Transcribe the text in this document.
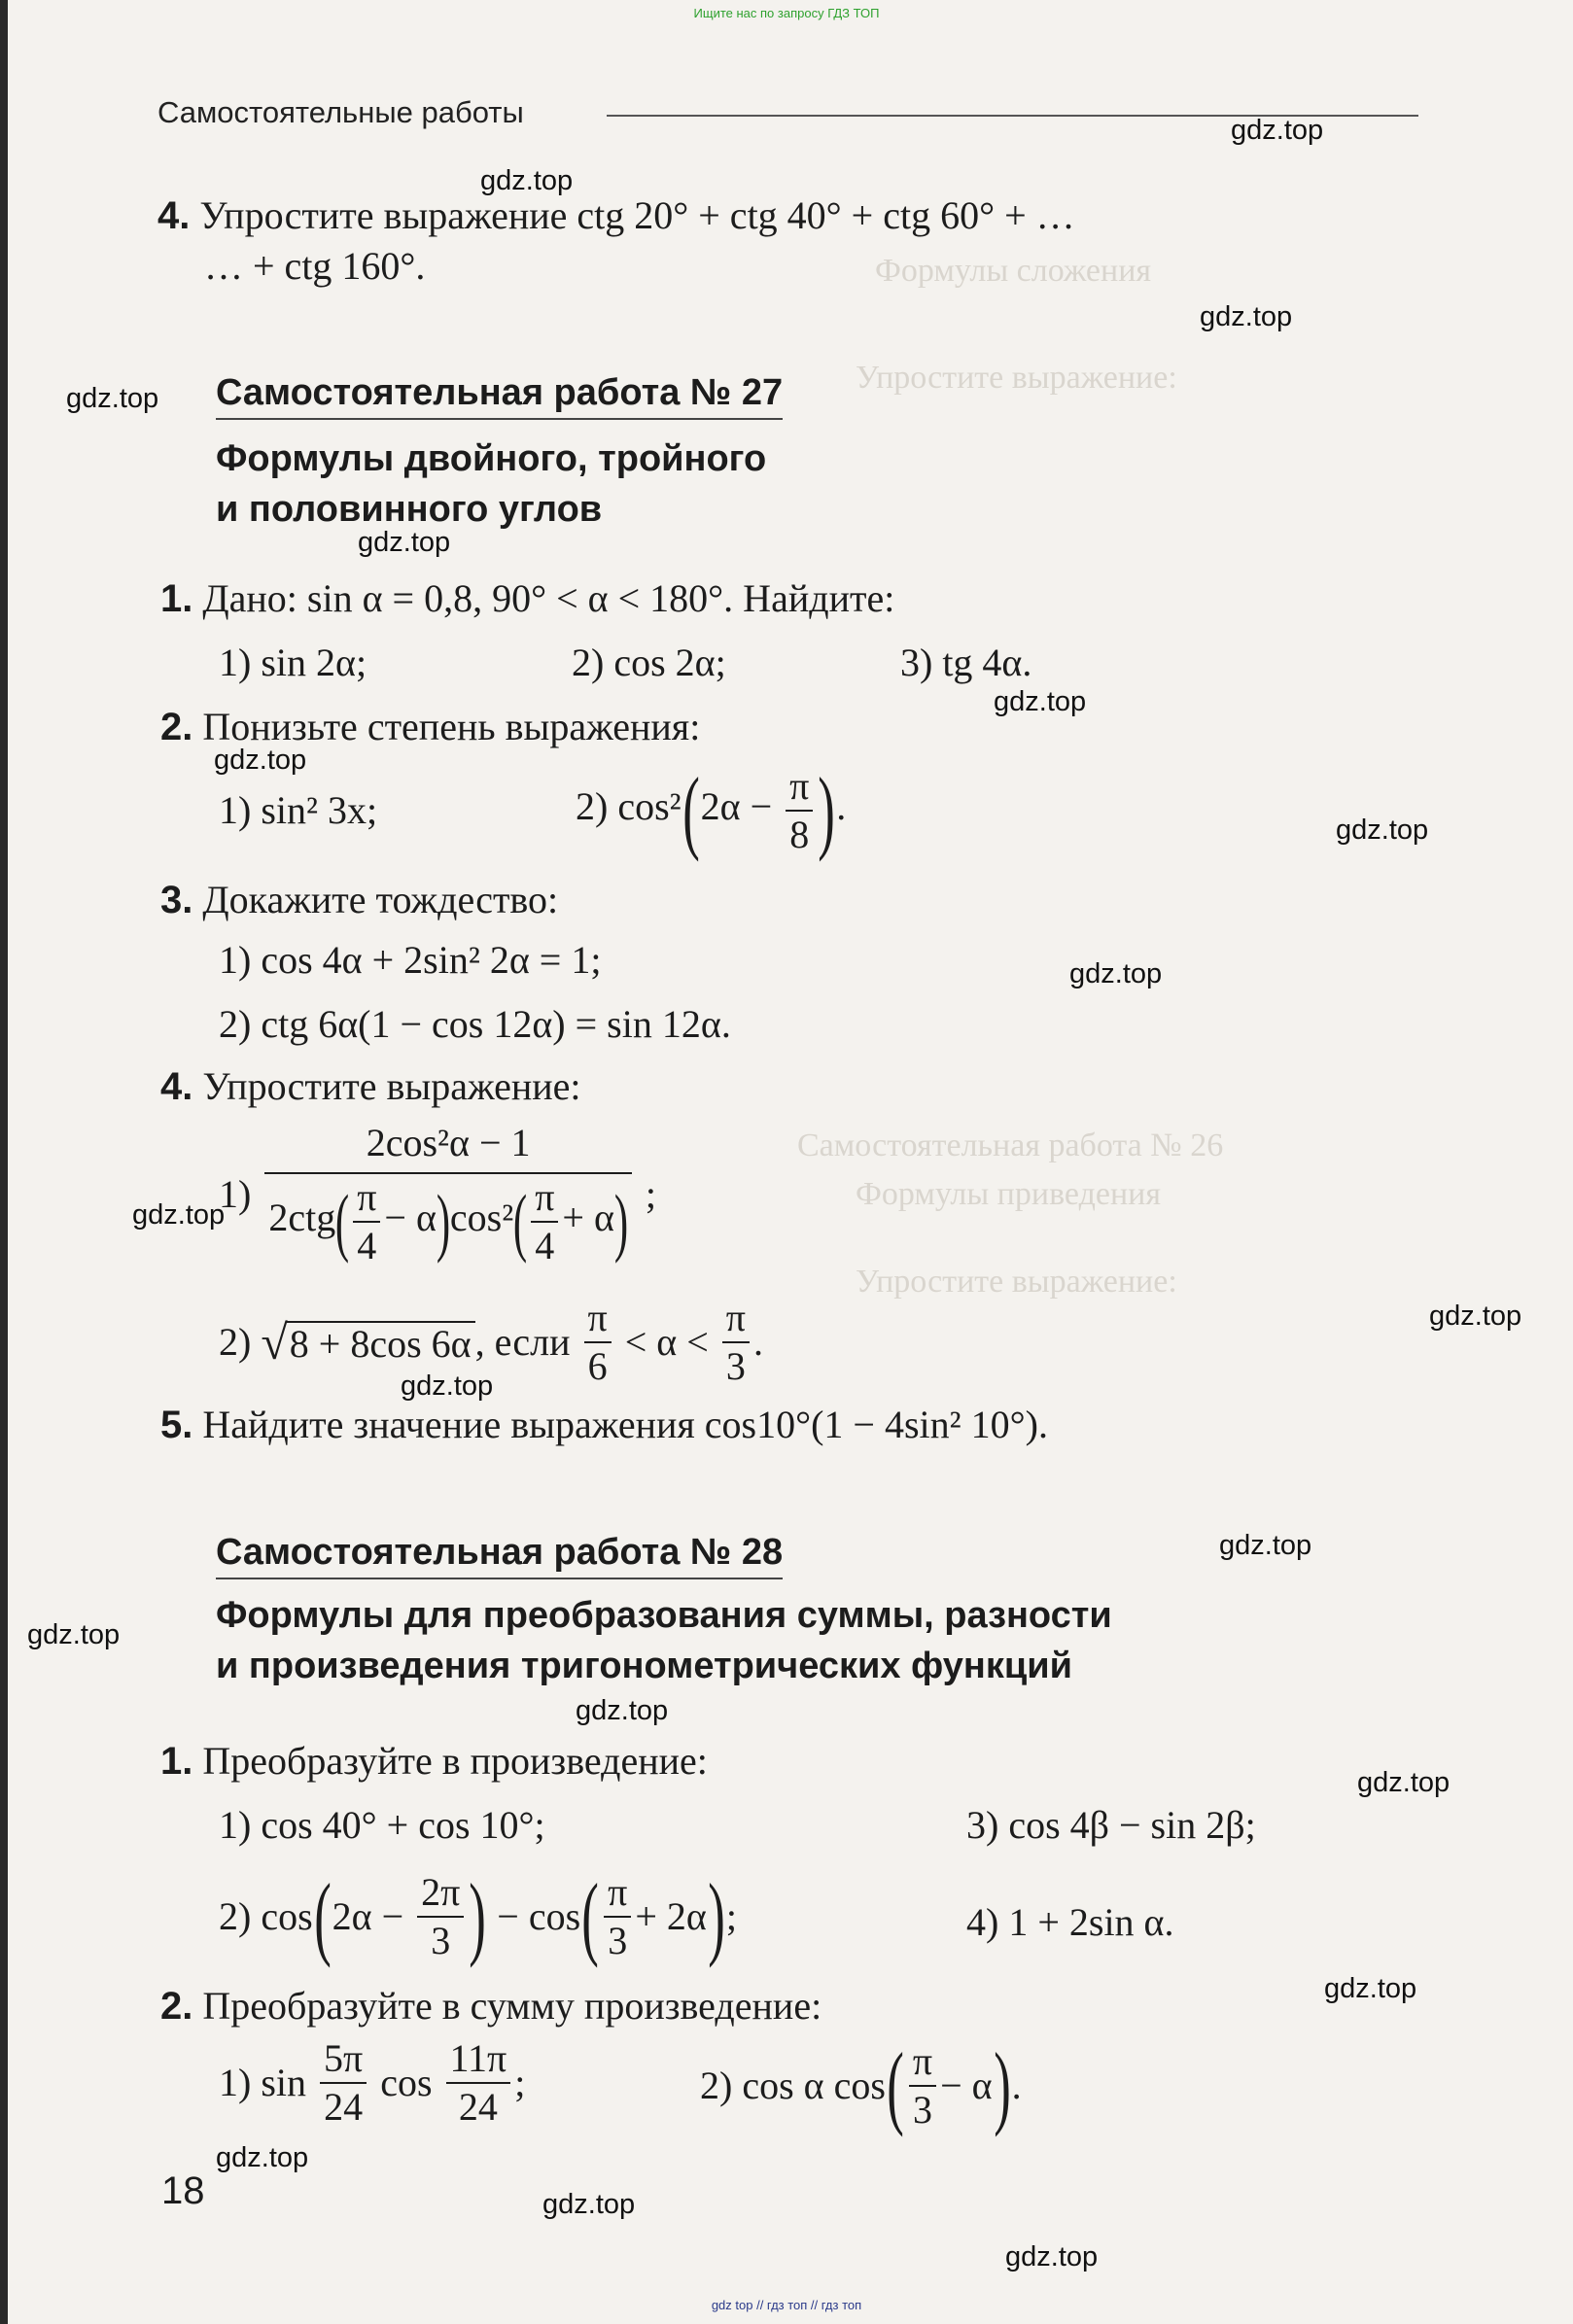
Ищите нас по запросу ГДЗ ТОП
Формулы сложения
Упростите выражение:
Самостоятельная работа № 26
Формулы приведения
Упростите выражение:
Самостоятельные работы
4. Упростите выражение ctg 20° + ctg 40° + ctg 60° + …
… + ctg 160°.
Самостоятельная работа № 27
Формулы двойного, тройного
и половинного углов
1. Дано: sin α = 0,8, 90° < α < 180°. Найдите:
1) sin 2α;	2) cos 2α;	3) tg 4α.
2. Понизьте степень выражения:
1) sin² 3x;	2) $\cos^2(2\alpha - \frac{\pi}{8}$ ).
3. Докажите тождество:
1) cos 4α + 2sin² 2α = 1;
2) ctg 6α(1 − cos 12α) = sin 12α.
4. Упростите выражение:
$1) \frac{\text{2cos²α − 1}}{2ctg( \frac{\pi}{4} - \alpha)\cos^2( \frac{\pi}{4} + \alpha)}$ ;
2) √8 + 8cos 6α , если $\frac{\pi}{6} < \alpha < \frac{\pi}{3}$ .
5. Найдите значение выражения cos10°(1 − 4sin² 10°).
Самостоятельная работа № 28
Формулы для преобразования суммы, разности
и произведения тригонометрических функций
1. Преобразуйте в произведение:
1) cos 40° + cos 10°;	3) cos 4β − sin 2β;
2) $\cos(2\alpha - \frac{2\pi}{3}$ ) − $\cos( \frac{\pi}{3} + 2\alpha)$;	4) 1 + 2sin α.
2. Преобразуйте в сумму произведение:
1) $\sin \frac{5\pi}{24}$ $\cos \frac{11\pi}{24}$ ;	2) cos α $\cos( \frac{\pi}{3} - \alpha)$.
18
gdz.top
gdz.top
gdz.top
gdz.top
gdz.top
gdz.top
gdz.top
gdz.top
gdz.top
gdz.top
gdz.top
gdz.top
gdz.top
gdz.top
gdz.top
gdz.top
gdz.top
gdz.top
gdz.top
gdz.top
gdz top // гдз топ // гдз топ
